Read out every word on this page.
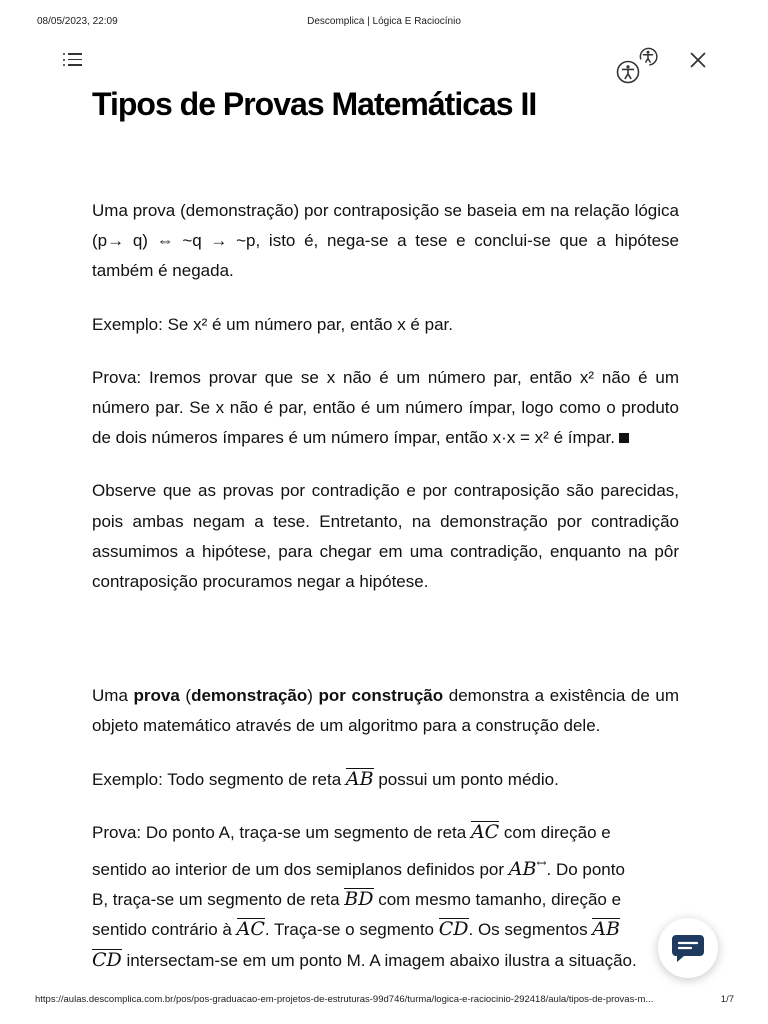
08/05/2023, 22:09	Descomplica | Lógica E Raciocínio
Tipos de Provas Matemáticas II

Uma prova (demonstração) por contraposição se baseia em na relação lógica (p→ q) ⇔ ~q → ~p, isto é, nega-se a tese e conclui-se que a hipótese também é negada.

Exemplo: Se x² é um número par, então x é par.

Prova: Iremos provar que se x não é um número par, então x² não é um número par. Se x não é par, então é um número ímpar, logo como o produto de dois números ímpares é um número ímpar, então x·x = x² é ímpar.

Observe que as provas por contradição e por contraposição são parecidas, pois ambas negam a tese. Entretanto, na demonstração por contradição assumimos a hipótese, para chegar em uma contradição, enquanto na pôr contraposição procuramos negar a hipótese.

Uma prova (demonstração) por construção demonstra a existência de um objeto matemático através de um algoritmo para a construção dele.

Exemplo: Todo segmento de reta AB possui um ponto médio.

Prova: Do ponto A, traça-se um segmento de reta AC com direção e
sentido ao interior de um dos semiplanos definidos por AB↔. Do ponto
B, traça-se um segmento de reta BD com mesmo tamanho, direção e
sentido contrário à AC. Traça-se o segmento CD. Os segmentos AB
CD intersectam-se em um ponto M. A imagem abaixo ilustra a situação.

https://aulas.descomplica.com.br/pos/pos-graduacao-em-projetos-de-estruturas-99d746/turma/logica-e-raciocinio-292418/aula/tipos-de-provas-m...	1/7
